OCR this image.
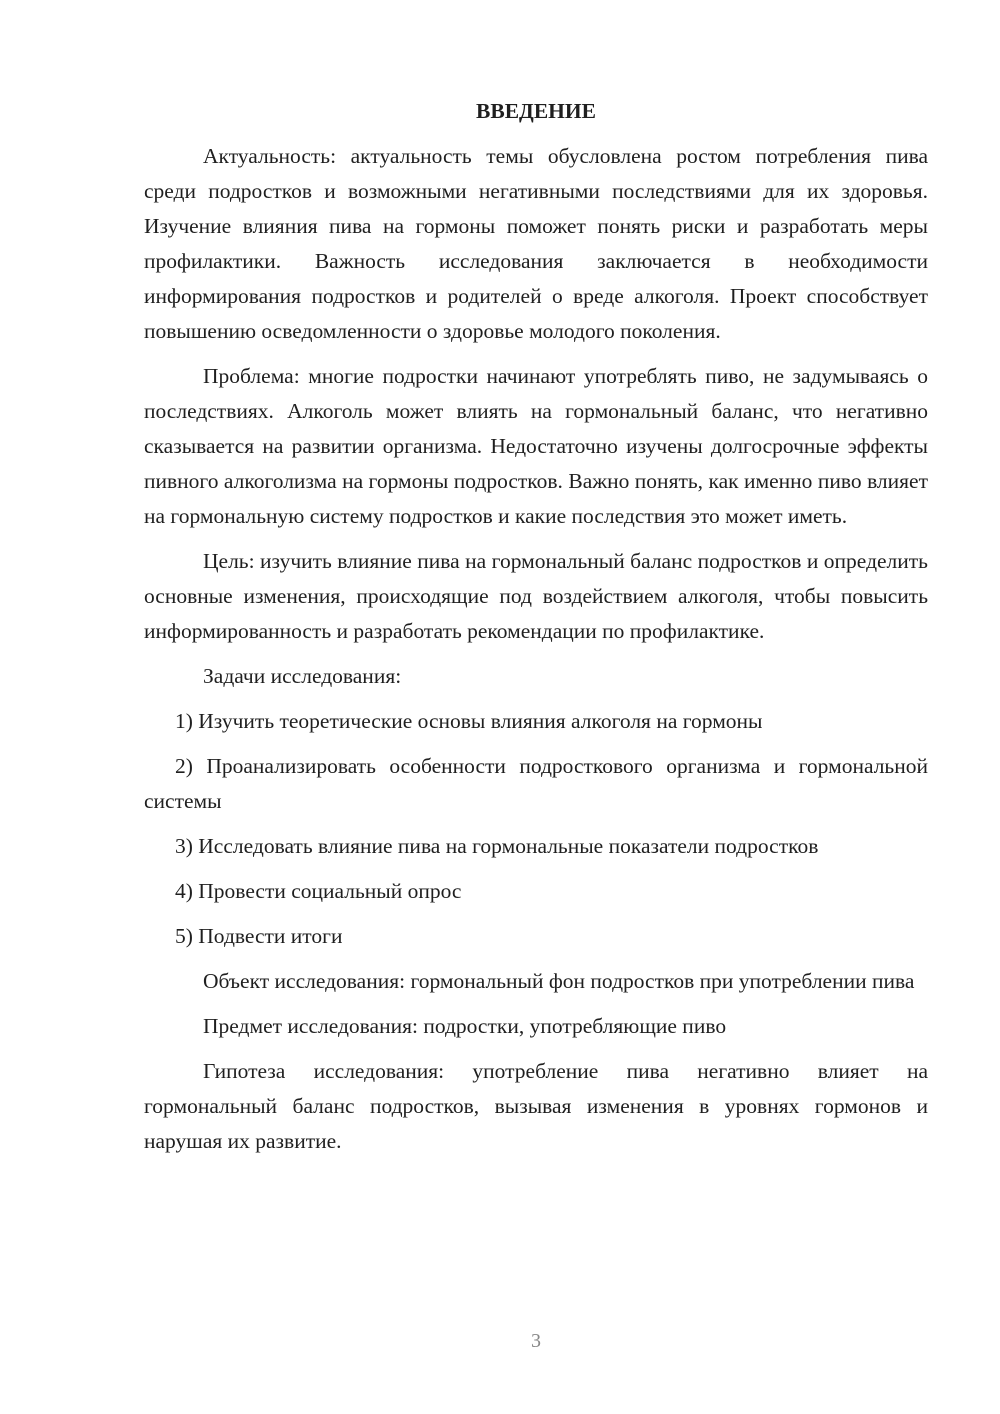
ВВЕДЕНИЕ
Актуальность: актуальность темы обусловлена ростом потребления пива среди подростков и возможными негативными последствиями для их здоровья. Изучение влияния пива на гормоны поможет понять риски и разработать меры профилактики. Важность исследования заключается в необходимости информирования подростков и родителей о вреде алкоголя. Проект способствует повышению осведомленности о здоровье молодого поколения.
Проблема: многие подростки начинают употреблять пиво, не задумываясь о последствиях. Алкоголь может влиять на гормональный баланс, что негативно сказывается на развитии организма. Недостаточно изучены долгосрочные эффекты пивного алкоголизма на гормоны подростков. Важно понять, как именно пиво влияет на гормональную систему подростков и какие последствия это может иметь.
Цель: изучить влияние пива на гормональный баланс подростков и определить основные изменения, происходящие под воздействием алкоголя, чтобы повысить информированность и разработать рекомендации по профилактике.
Задачи исследования:
1) Изучить теоретические основы влияния алкоголя на гормоны
2) Проанализировать особенности подросткового организма и гормональной системы
3) Исследовать влияние пива на гормональные показатели подростков
4) Провести социальный опрос
5) Подвести итоги
Объект исследования: гормональный фон подростков при употреблении пива
Предмет исследования: подростки, употребляющие пиво
Гипотеза исследования: употребление пива негативно влияет на гормональный баланс подростков, вызывая изменения в уровнях гормонов и нарушая их развитие.
3
